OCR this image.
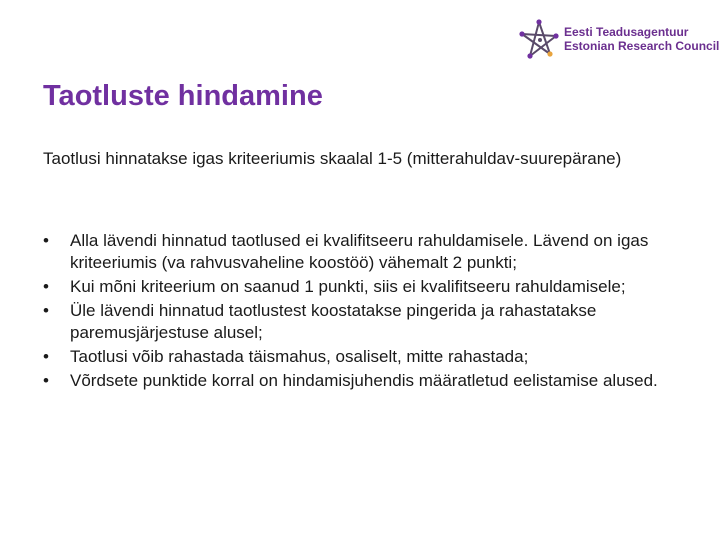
Eesti Teadusagentuur
Estonian Research Council
Taotluste hindamine

Taotlusi hinnatakse igas kriteeriumis skaalal 1-5 (mitterahuldav-suurepärane)

• Alla lävendi hinnatud taotlused ei kvalifitseeru rahuldamisele. Lävend on igas kriteeriumis (va rahvusvaheline koostöö) vähemalt 2 punkti;
• Kui mõni kriteerium on saanud 1 punkti, siis ei kvalifitseeru rahuldamisele;
• Üle lävendi hinnatud taotlustest koostatakse pingerida ja rahastatakse paremusjärjestuse alusel;
• Taotlusi võib rahastada täismahus, osaliselt, mitte rahastada;
• Võrdsete punktide korral on hindamisjuhendis määratletud eelistamise alused.
